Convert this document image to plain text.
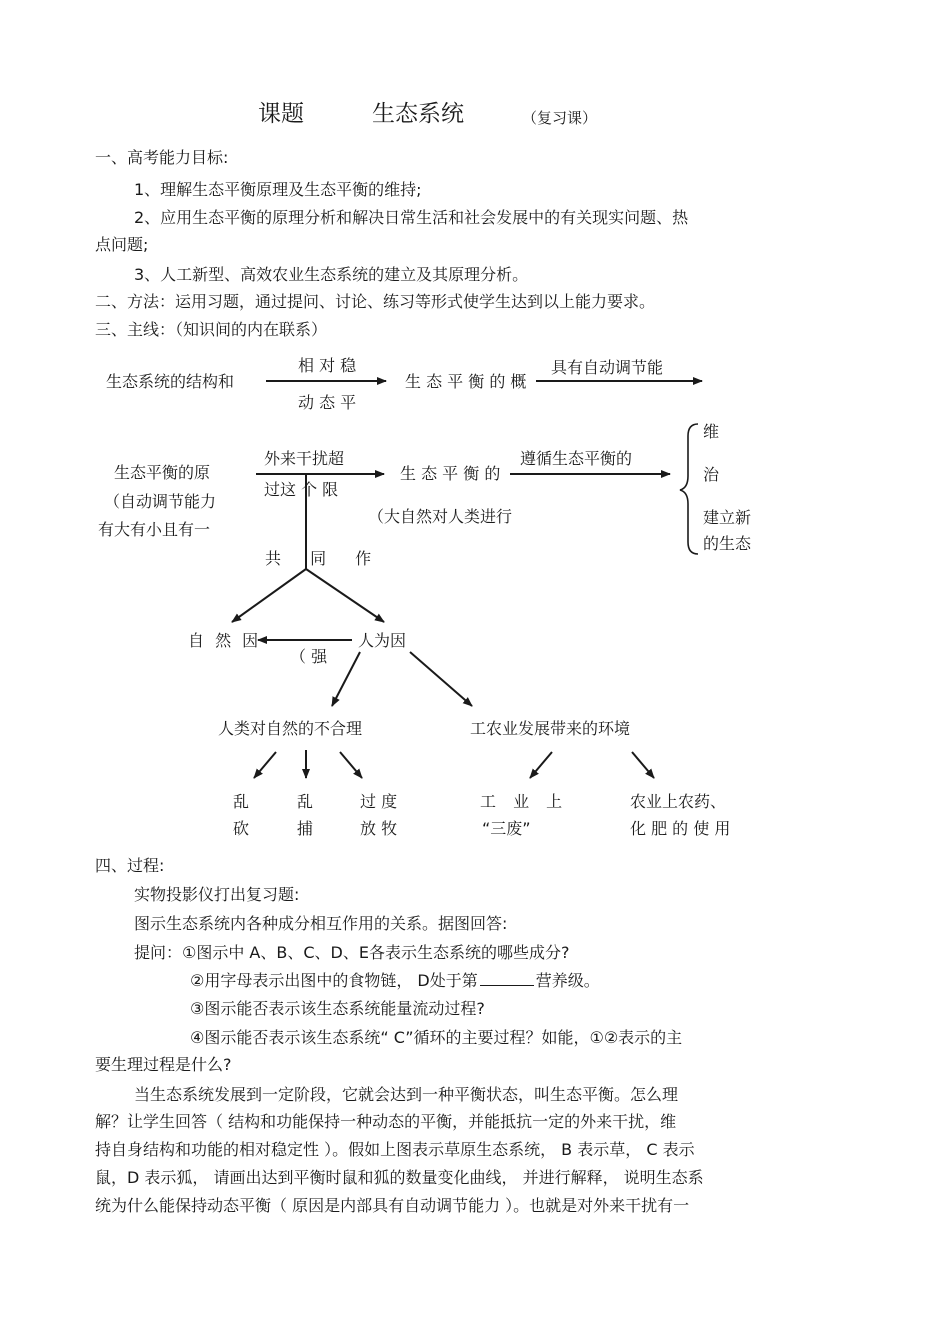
课题	生态系统	（复习课）
一、高考能力目标:
1、理解生态平衡原理及生态平衡的维持;
2、应用生态平衡的原理分析和解决日常生活和社会发展中的有关现实问题、热
点问题;
3、人工新型、高效农业生态系统的建立及其原理分析。
二、方法：运用习题，通过提问、讨论、练习等形式使学生达到以上能力要求。
三、主线：（知识间的内在联系）
生态系统的结构和
相 对 稳
动 态 平
生 态 平 衡 的 概
具有自动调节能
生态平衡的原
（自动调节能力
有大有小且有一
外来干扰超
过这 个 限
生 态 平 衡 的
（大自然对人类进行
遵循生态平衡的
维
治
建立新
的生态
共 同 作
自 然 因	人为因
（ 强
人类对自然的不合理	工农业发展带来的环境
乱
砍
乱
捕
过 度
放 牧
工 业 上
“三废”
农业上农药、
化 肥 的 使 用
四、过程:
实物投影仪打出复习题:
图示生态系统内各种成分相互作用的关系。据图回答:
提问：①图示中 A、B、C、D、E各表示生态系统的哪些成分?
②用字母表示出图中的食物链， D处于第	营养级。
③图示能否表示该生态系统能量流动过程?
④图示能否表示该生态系统“ C”循环的主要过程？如能，①②表示的主
要生理过程是什么?
当生态系统发展到一定阶段，它就会达到一种平衡状态，叫生态平衡。怎么理
解？让学生回答（ 结构和功能保持一种动态的平衡，并能抵抗一定的外来干扰，维
持自身结构和功能的相对稳定性 ）。假如上图表示草原生态系统， B 表示草， C 表示
鼠，D 表示狐， 请画出达到平衡时鼠和狐的数量变化曲线， 并进行解释， 说明生态系
统为什么能保持动态平衡（ 原因是内部具有自动调节能力 ）。也就是对外来干扰有一
